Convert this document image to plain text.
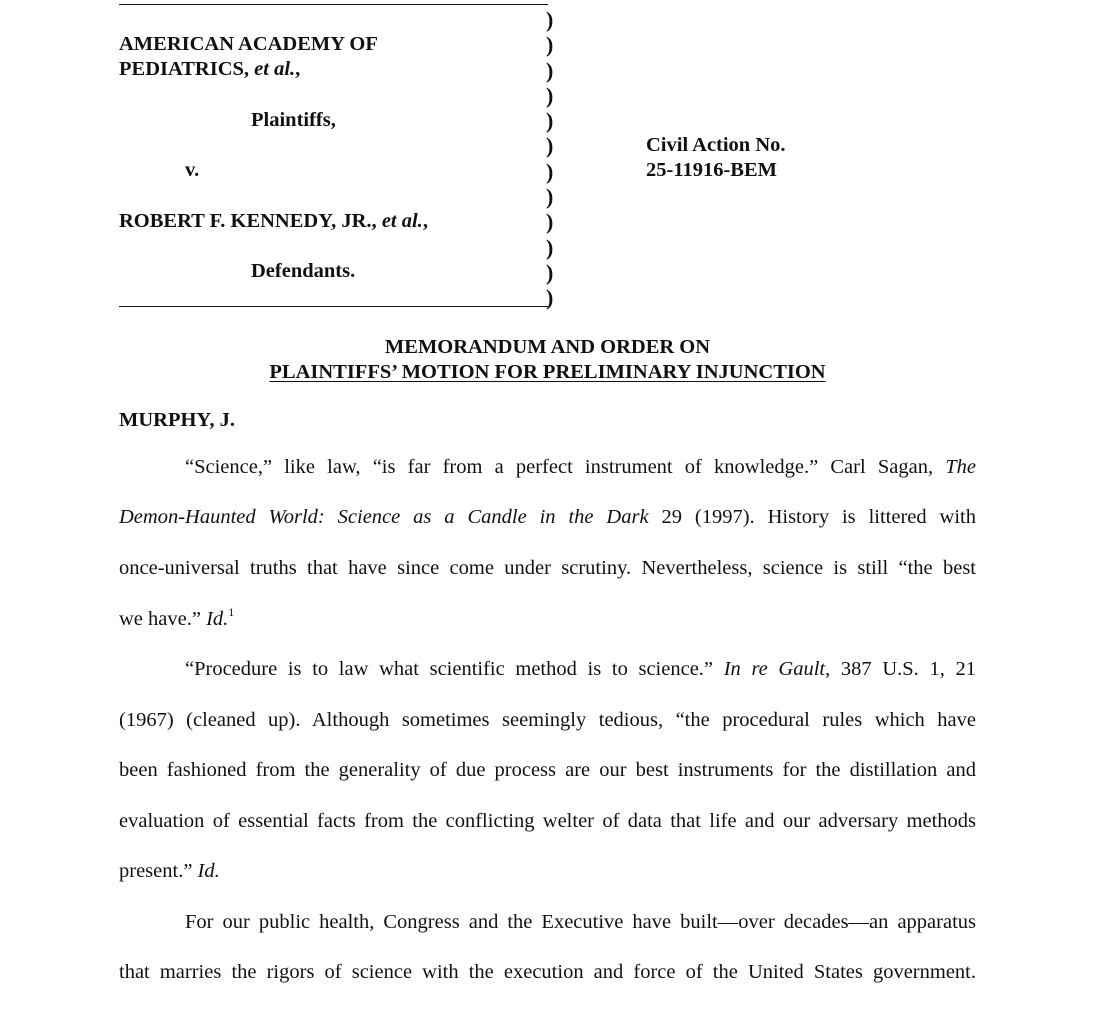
AMERICAN ACADEMY OF
PEDIATRICS, et al.,
Plaintiffs,
v.
ROBERT F. KENNEDY, JR., et al.,
Defendants.
)
)
)
)
)
)
)
)
)
)
)
)
Civil Action No.
25-11916-BEM
MEMORANDUM AND ORDER ON
PLAINTIFFS’ MOTION FOR PRELIMINARY INJUNCTION
MURPHY, J.
“Science,” like law, “is far from a perfect instrument of knowledge.” Carl Sagan, The
Demon-Haunted World: Science as a Candle in the Dark 29 (1997). History is littered with
once-universal truths that have since come under scrutiny. Nevertheless, science is still “the best
we have.” Id.$^1$
“Procedure is to law what scientific method is to science.” In re Gault, 387 U.S. 1, 21
(1967) (cleaned up). Although sometimes seemingly tedious, “the procedural rules which have
been fashioned from the generality of due process are our best instruments for the distillation and
evaluation of essential facts from the conflicting welter of data that life and our adversary methods
present.” Id.
For our public health, Congress and the Executive have built—over decades—an apparatus
that marries the rigors of science with the execution and force of the United States government.
